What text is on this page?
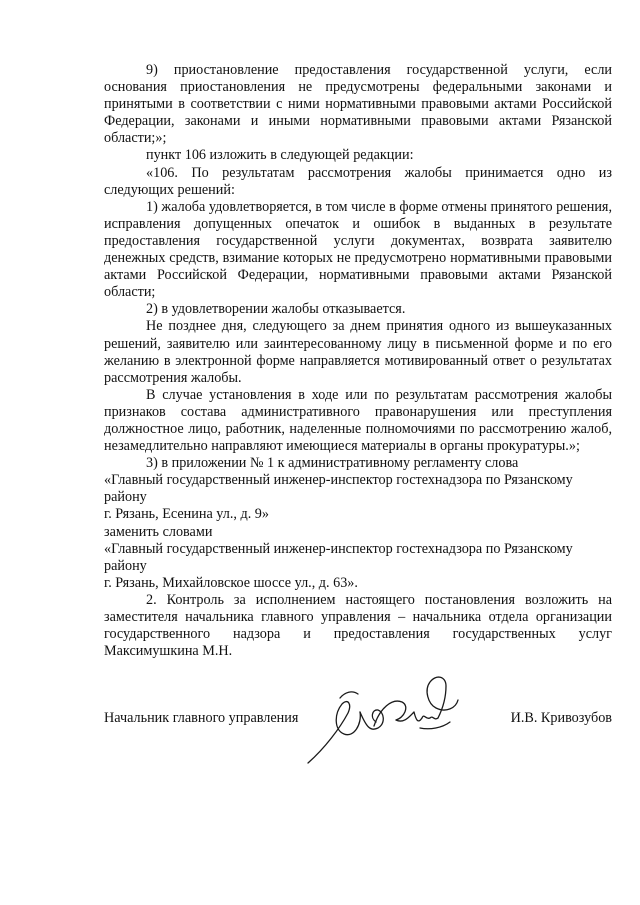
9) приостановление предоставления государственной услуги, если основания приостановления не предусмотрены федеральными законами и принятыми в соответствии с ними нормативными правовыми актами Российской Федерации, законами и иными нормативными правовыми актами Рязанской области;»;

пункт 106 изложить в следующей редакции:

«106. По результатам рассмотрения жалобы принимается одно из следующих решений:

1) жалоба удовлетворяется, в том числе в форме отмены принятого решения, исправления допущенных опечаток и ошибок в выданных в результате предоставления государственной услуги документах, возврата заявителю денежных средств, взимание которых не предусмотрено нормативными правовыми актами Российской Федерации, нормативными правовыми актами Рязанской области;

2) в удовлетворении жалобы отказывается.

Не позднее дня, следующего за днем принятия одного из вышеуказанных решений, заявителю или заинтересованному лицу в письменной форме и по его желанию в электронной форме направляется мотивированный ответ о результатах рассмотрения жалобы.

В случае установления в ходе или по результатам рассмотрения жалобы признаков состава административного правонарушения или преступления должностное лицо, работник, наделенные полномочиями по рассмотрению жалоб, незамедлительно направляют имеющиеся материалы в органы прокуратуры.»;

3) в приложении № 1 к административному регламенту слова

«Главный государственный инженер-инспектор гостехнадзора по Рязанскому району

г. Рязань, Есенина ул., д. 9»

заменить словами

«Главный государственный инженер-инспектор гостехнадзора по Рязанскому району

г. Рязань, Михайловское шоссе ул., д. 63».

2. Контроль за исполнением настоящего постановления возложить на заместителя начальника главного управления – начальника отдела организации государственного надзора и предоставления государственных услуг Максимушкина М.Н.

Начальник главного управления	И.В. Кривозубов
